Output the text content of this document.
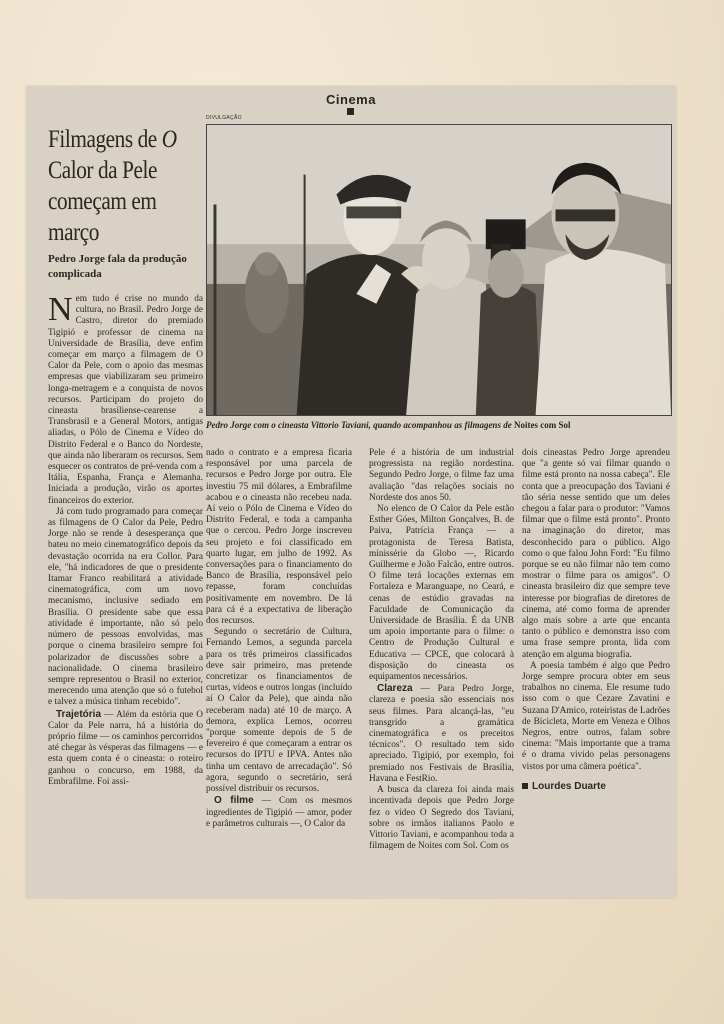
Cinema
Filmagens de O
Calor da Pele
começam em março
Pedro Jorge fala da produção complicada
DIVULGAÇÃO
Pedro Jorge com o cineasta Vittorio Taviani, quando acompanhou as filmagens de Noites com Sol

Nem tudo é crise no mundo da cultura, no Brasil. Pedro Jorge de Castro, diretor do premiado Tigipió e professor de cinema na Universidade de Brasília, deve enfim começar em março a filmagem de O Calor da Pele, com o apoio das mesmas empresas que viabilizaram seu primeiro longa-metragem e a conquista de novos recursos. Participam do projeto do cineasta brasiliense-cearense a Transbrasil e a General Motors, antigas aliadas, o Pólo de Cinema e Vídeo do Distrito Federal e o Banco do Nordeste, que ainda não liberaram os recursos. Sem esquecer os contratos de pré-venda com a Itália, Espanha, França e Alemanha. Iniciada a produção, virão os aportes financeiros do exterior.

Já com tudo programado para começar as filmagens de O Calor da Pele, Pedro Jorge não se rende à desesperança que bateu no meio cinematográfico depois da devastação ocorrida na era Collor. Para ele, "há indicadores de que o presidente Itamar Franco reabilitará a atividade cinematográfica, com um novo mecanismo, inclusive sediado em Brasília. O presidente sabe que essa atividade é importante, não só pelo número de pessoas envolvidas, mas porque o cinema brasileiro sempre foi polarizador de discussões sobre a nacionalidade. O cinema brasileiro sempre representou o Brasil no exterior, merecendo uma atenção que só o futebol e talvez a música tinham recebido".

Trajetória — Além da estória que O Calor da Pele narra, há a história do próprio filme — os caminhos percorridos até chegar às vésperas das filmagens — e esta quem conta é o cineasta: o roteiro ganhou o concurso, em 1988, da Embrafilme. Foi assi-

nado o contrato e a empresa ficaria responsável por uma parcela de recursos e Pedro Jorge por outra. Ele investiu 75 mil dólares, a Embrafilme acabou e o cineasta não recebeu nada. Aí veio o Pólo de Cinema e Vídeo do Distrito Federal, e toda a campanha que o cercou. Pedro Jorge inscreveu seu projeto e foi classificado em quarto lugar, em julho de 1992. As conversações para o financiamento do Banco de Brasília, responsável pelo repasse, foram concluídas positivamente em novembro. De lá para cá é a expectativa de liberação dos recursos.

Segundo o secretário de Cultura, Fernando Lemos, a segunda parcela para os três primeiros classificados deve sair primeiro, mas pretende concretizar os financiamentos de curtas, vídeos e outros longas (incluído aí O Calor da Pele), que ainda não receberam nada) até 10 de março. A demora, explica Lemos, ocorreu "porque somente depois de 5 de fevereiro é que começaram a entrar os recursos do IPTU e IPVA. Antes não tinha um centavo de arrecadação". Só agora, segundo o secretário, será possível distribuir os recursos.

O filme — Com os mesmos ingredientes de Tigipió — amor, poder e parâmetros culturais —, O Calor da

Pele é a história de um industrial progressista na região nordestina. Segundo Pedro Jorge, o filme faz uma avaliação "das relações sociais no Nordeste dos anos 50.

No elenco de O Calor da Pele estão Esther Góes, Milton Gonçalves, B. de Paiva, Patrícia França — a protagonista de Teresa Batista, minissérie da Globo —, Ricardo Guilherme e João Falcão, entre outros. O filme terá locações externas em Fortaleza e Maranguape, no Ceará, e cenas de estúdio gravadas na Faculdade de Comunicação da Universidade de Brasília. É da UNB um apoio importante para o filme: o Centro de Produção Cultural e Educativa — CPCE, que colocará à disposição do cineasta os equipamentos necessários.

Clareza — Para Pedro Jorge, clareza e poesia são essenciais nos seus filmes. Para alcançá-las, "eu transgrido a gramática cinematográfica e os preceitos técnicos". O resultado tem sido apreciado. Tigipió, por exemplo, foi premiado nos Festivais de Brasília, Havana e FestRio.

A busca da clareza foi ainda mais incentivada depois que Pedro Jorge fez o vídeo O Segredo dos Taviani, sobre os irmãos italianos Paolo e Vittorio Taviani, e acompanhou toda a filmagem de Noites com Sol. Com os

dois cineastas Pedro Jorge aprendeu que "a gente só vai filmar quando o filme está pronto na nossa cabeça". Ele conta que a preocupação dos Taviani é tão séria nesse sentido que um deles chegou a falar para o produtor: "Vamos filmar que o filme está pronto". Pronto na imaginação do diretor, mas desconhecido para o público. Algo como o que falou John Ford: "Eu filmo porque se eu não filmar não tem como mostrar o filme para os amigos". O cineasta brasileiro diz que sempre teve interesse por biografias de diretores de cinema, até como forma de aprender algo mais sobre a arte que encanta tanto o público e demonstra isso com uma frase sempre pronta, lida com atenção em alguma biografia.

A poesia também é algo que Pedro Jorge sempre procura obter em seus trabalhos no cinema. Ele resume tudo isso com o que Cezare Zavatini e Suzana D'Amico, roteiristas de Ladrões de Bicicleta, Morte em Veneza e Olhos Negros, entre outros, falam sobre cinema: "Mais importante que a trama é o drama vivido pelas personagens vistos por uma câmera poética".

Lourdes Duarte
